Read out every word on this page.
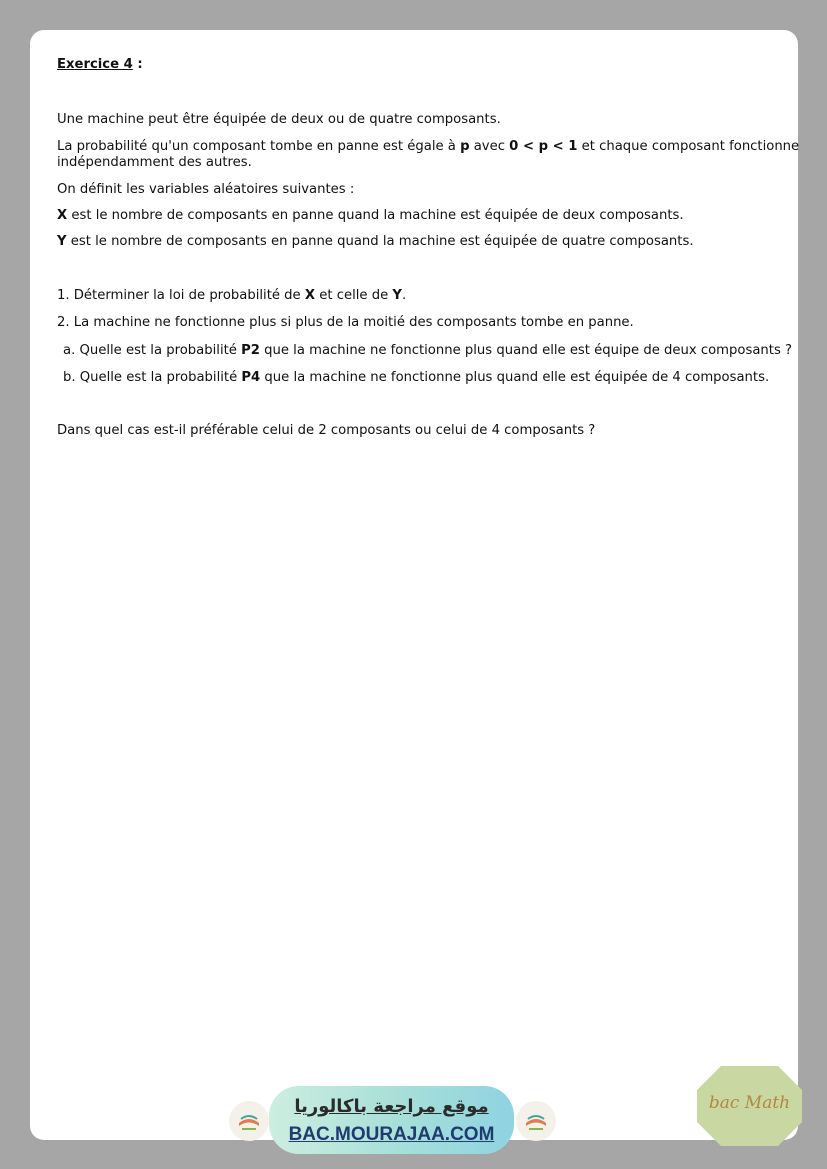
Exercice 4 :
Une machine peut être équipée de deux ou de quatre composants.
La probabilité qu'un composant tombe en panne est égale à p avec 0 < p < 1 et chaque composant fonctionne
indépendamment des autres.
On définit les variables aléatoires suivantes :
X est le nombre de composants en panne quand la machine est équipée de deux composants.
Y est le nombre de composants en panne quand la machine est équipée de quatre composants.
1. Déterminer la loi de probabilité de X et celle de Y.
2. La machine ne fonctionne plus si plus de la moitié des composants tombe en panne.
a. Quelle est la probabilité P2 que la machine ne fonctionne plus quand elle est équipe de deux composants ?
b. Quelle est la probabilité P4 que la machine ne fonctionne plus quand elle est équipée de 4 composants.
Dans quel cas est-il préférable celui de 2 composants ou celui de 4 composants ?
موقع مراجعة باكالوريا
BAC.MOURAJAA.COM
bac Math
